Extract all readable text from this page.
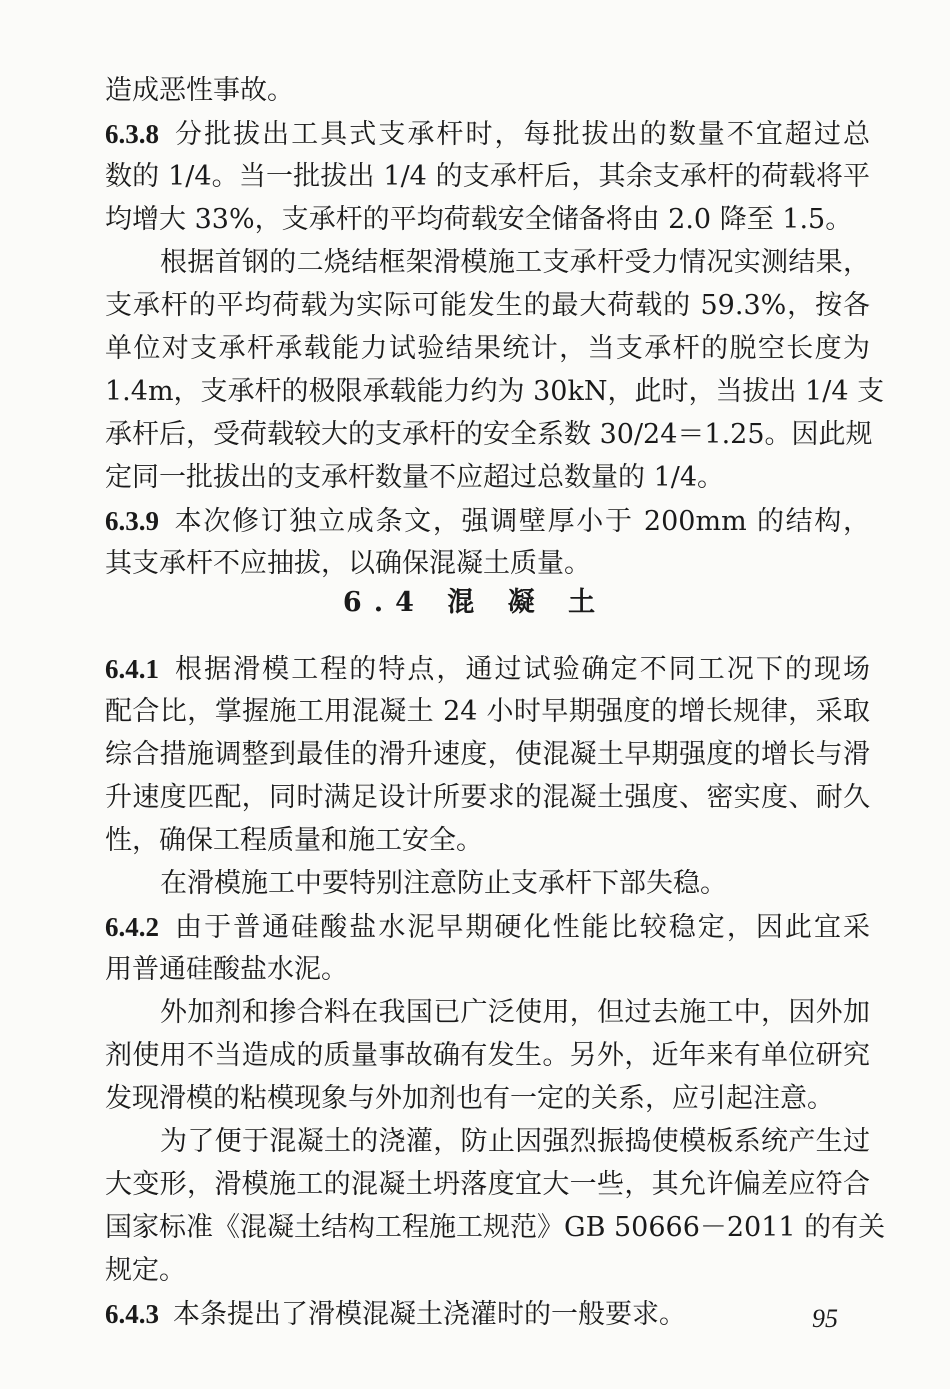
造成恶性事故。
6.3.8 分批拔出工具式支承杆时，每批拔出的数量不宜超过总
数的 1/4。当一批拔出 1/4 的支承杆后，其余支承杆的荷载将平
均增大 33%，支承杆的平均荷载安全储备将由 2.0 降至 1.5。
根据首钢的二烧结框架滑模施工支承杆受力情况实测结果，
支承杆的平均荷载为实际可能发生的最大荷载的 59.3%，按各
单位对支承杆承载能力试验结果统计，当支承杆的脱空长度为
1.4m，支承杆的极限承载能力约为 30kN，此时，当拔出 1/4 支
承杆后，受荷载较大的支承杆的安全系数 30/24＝1.25。因此规
定同一批拔出的支承杆数量不应超过总数量的 1/4。
6.3.9 本次修订独立成条文，强调壁厚小于 200mm 的结构，
其支承杆不应抽拔，以确保混凝土质量。
6.4.1 根据滑模工程的特点，通过试验确定不同工况下的现场
配合比，掌握施工用混凝土 24 小时早期强度的增长规律，采取
综合措施调整到最佳的滑升速度，使混凝土早期强度的增长与滑
升速度匹配，同时满足设计所要求的混凝土强度、密实度、耐久
性，确保工程质量和施工安全。
在滑模施工中要特别注意防止支承杆下部失稳。
6.4.2 由于普通硅酸盐水泥早期硬化性能比较稳定，因此宜采
用普通硅酸盐水泥。
外加剂和掺合料在我国已广泛使用，但过去施工中，因外加
剂使用不当造成的质量事故确有发生。另外，近年来有单位研究
发现滑模的粘模现象与外加剂也有一定的关系，应引起注意。
为了便于混凝土的浇灌，防止因强烈振捣使模板系统产生过
大变形，滑模施工的混凝土坍落度宜大一些，其允许偏差应符合
国家标准《混凝土结构工程施工规范》GB 50666－2011 的有关
规定。
6.4.3 本条提出了滑模混凝土浇灌时的一般要求。
6.4 混 凝 土
95
